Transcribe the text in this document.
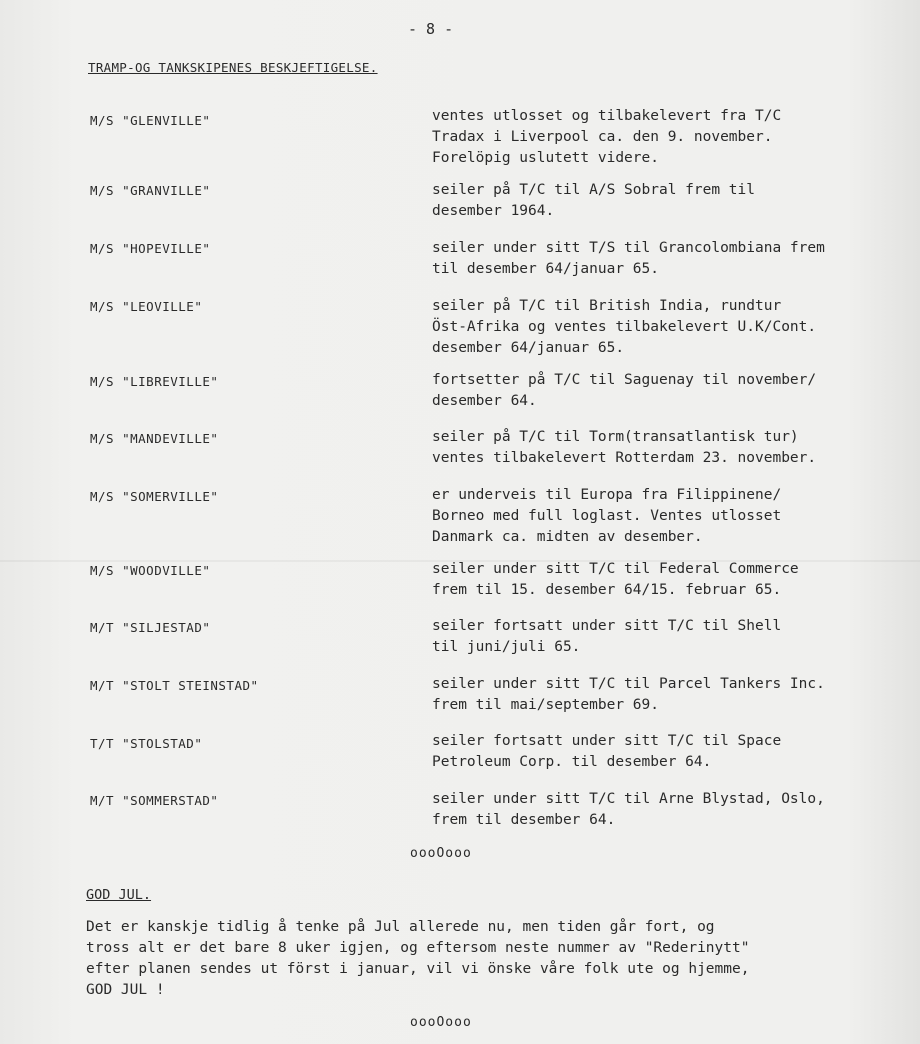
- 8 -
TRAMP-OG TANKSKIPENES BESKJEFTIGELSE.
M/S "GLENVILLE"	ventes utlosset og tilbakelevert fra T/C
Tradax i Liverpool ca. den 9. november.
Forelöpig uslutett videre.
M/S "GRANVILLE"	seiler på T/C til A/S Sobral frem til
desember 1964.
M/S "HOPEVILLE"	seiler under sitt T/S til Grancolombiana frem
til desember 64/januar 65.
M/S "LEOVILLE"	seiler på T/C til British India, rundtur
Öst-Afrika og ventes tilbakelevert U.K/Cont.
desember 64/januar 65.
M/S "LIBREVILLE"	fortsetter på T/C til Saguenay til november/
desember 64.
M/S "MANDEVILLE"	seiler på T/C til Torm(transatlantisk tur)
ventes tilbakelevert Rotterdam 23. november.
M/S "SOMERVILLE"	er underveis til Europa fra Filippinene/
Borneo med full loglast. Ventes utlosset
Danmark ca. midten av desember.
M/S "WOODVILLE"	seiler under sitt T/C til Federal Commerce
frem til 15. desember 64/15. februar 65.
M/T "SILJESTAD"	seiler fortsatt under sitt T/C til Shell
til juni/juli 65.
M/T "STOLT STEINSTAD"	seiler under sitt T/C til Parcel Tankers Inc.
frem til mai/september 69.
T/T "STOLSTAD"	seiler fortsatt under sitt T/C til Space
Petroleum Corp. til desember 64.
M/T "SOMMERSTAD"	seiler under sitt T/C til Arne Blystad, Oslo,
frem til desember 64.
oooOooo
GOD JUL.
Det er kanskje tidlig å tenke på Jul allerede nu, men tiden går fort, og
tross alt er det bare 8 uker igjen, og eftersom neste nummer av "Rederinytt"
efter planen sendes ut först i januar, vil vi önske våre folk ute og hjemme,
GOD JUL !
oooOooo
